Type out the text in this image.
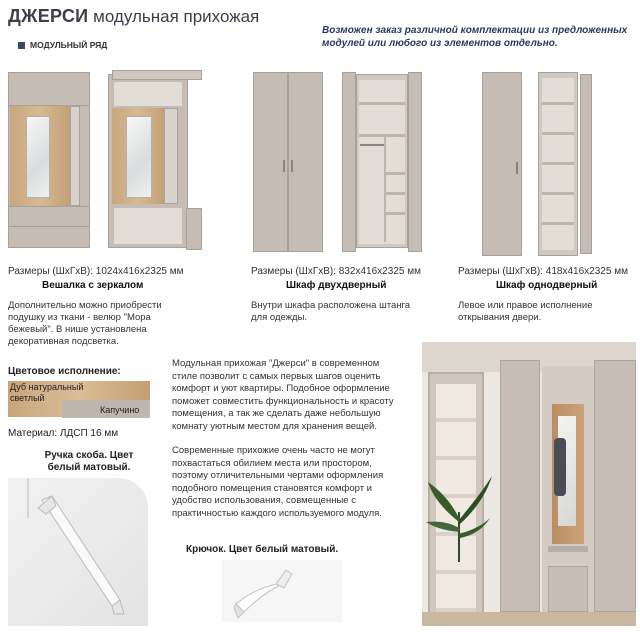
ДЖЕРСИ модульная прихожая
МОДУЛЬНЫЙ РЯД
Возможен заказ различной комплектации из предложенных модулей или любого из элементов отдельно.
Размеры (ШхГхВ): 1024х416х2325 мм
Вешалка с зеркалом
Дополнительно можно приобрести подушку из ткани - велюр "Мора бежевый". В нише установлена декоративная подсветка.
Размеры (ШхГхВ): 832х416х2325 мм
Шкаф двухдверный
Внутри шкафа расположена штанга для одежды.
Размеры (ШхГхВ): 418х416х2325 мм
Шкаф однодверный
Левое или правое исполнение открывания двери.
Цветовое исполнение:
Дуб натуральный светлый
Капучино
Материал: ЛДСП 16 мм
Ручка скоба. Цвет белый матовый.
Модульная прихожая "Джерси" в современном стиле позволит с самых первых шагов оценить комфорт и уют квартиры. Подобное оформление поможет совместить функциональность и красоту помещения, а так же сделать даже небольшую комнату уютным местом для хранения вещей.
Современные прихожие очень часто не могут похвастаться обилием места или простором, поэтому отличительными чертами оформления подобного помещения становятся комфорт и удобство использования, совмещенные с практичностью каждого используемого модуля.
Крючок. Цвет белый матовый.
